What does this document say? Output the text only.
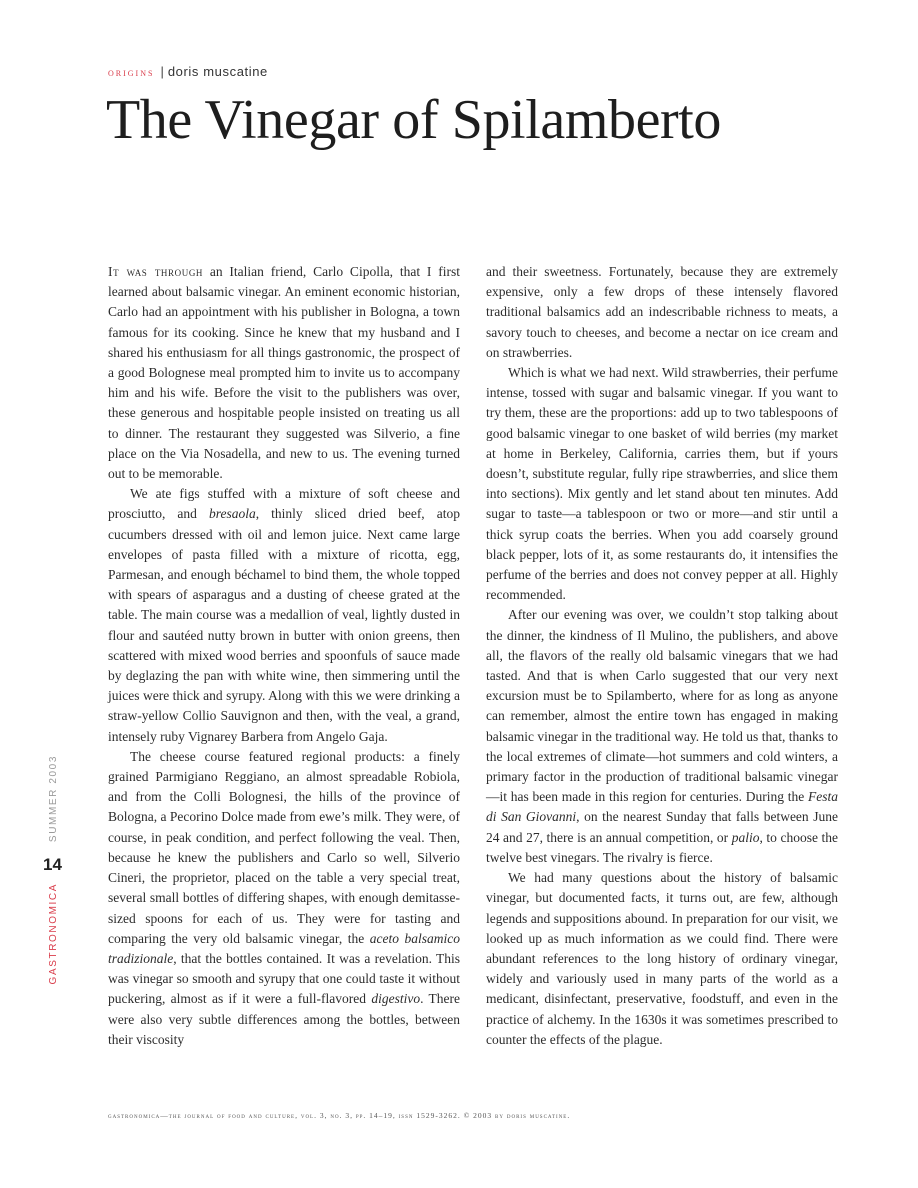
origins | doris muscatine
The Vinegar of Spilamberto
SUMMER 2003
14
GASTRONOMICA

It was through an Italian friend, Carlo Cipolla, that I first learned about balsamic vinegar. An eminent economic historian, Carlo had an appointment with his publisher in Bologna, a town famous for its cooking. Since he knew that my husband and I shared his enthusiasm for all things gastronomic, the prospect of a good Bolognese meal prompted him to invite us to accompany him and his wife. Before the visit to the publishers was over, these generous and hospitable people insisted on treating us all to dinner. The restaurant they suggested was Silverio, a fine place on the Via Nosadella, and new to us. The evening turned out to be memorable.

We ate figs stuffed with a mixture of soft cheese and prosciutto, and bresaola, thinly sliced dried beef, atop cucumbers dressed with oil and lemon juice. Next came large envelopes of pasta filled with a mixture of ricotta, egg, Parmesan, and enough béchamel to bind them, the whole topped with spears of asparagus and a dusting of cheese grated at the table. The main course was a medallion of veal, lightly dusted in flour and sautéed nutty brown in butter with onion greens, then scattered with mixed wood berries and spoonfuls of sauce made by deglazing the pan with white wine, then simmering until the juices were thick and syrupy. Along with this we were drinking a straw-yellow Collio Sauvignon and then, with the veal, a grand, intensely ruby Vignarey Barbera from Angelo Gaja.

The cheese course featured regional products: a finely grained Parmigiano Reggiano, an almost spreadable Robiola, and from the Colli Bolognesi, the hills of the province of Bologna, a Pecorino Dolce made from ewe’s milk. They were, of course, in peak condition, and perfect following the veal. Then, because he knew the publishers and Carlo so well, Silverio Cineri, the proprietor, placed on the table a very special treat, several small bottles of differing shapes, with enough demitasse-sized spoons for each of us. They were for tasting and comparing the very old balsamic vinegar, the aceto balsamico tradizionale, that the bottles contained. It was a revelation. This was vinegar so smooth and syrupy that one could taste it without puckering, almost as if it were a full-flavored digestivo. There were also very subtle differences among the bottles, between their viscosity

and their sweetness. Fortunately, because they are extremely expensive, only a few drops of these intensely flavored traditional balsamics add an indescribable richness to meats, a savory touch to cheeses, and become a nectar on ice cream and on strawberries.

Which is what we had next. Wild strawberries, their perfume intense, tossed with sugar and balsamic vinegar. If you want to try them, these are the proportions: add up to two tablespoons of good balsamic vinegar to one basket of wild berries (my market at home in Berkeley, California, carries them, but if yours doesn’t, substitute regular, fully ripe strawberries, and slice them into sections). Mix gently and let stand about ten minutes. Add sugar to taste—a tablespoon or two or more—and stir until a thick syrup coats the berries. When you add coarsely ground black pepper, lots of it, as some restaurants do, it intensifies the perfume of the berries and does not convey pepper at all. Highly recommended.

After our evening was over, we couldn’t stop talking about the dinner, the kindness of Il Mulino, the publishers, and above all, the flavors of the really old balsamic vinegars that we had tasted. And that is when Carlo suggested that our very next excursion must be to Spilamberto, where for as long as anyone can remember, almost the entire town has engaged in making balsamic vinegar in the traditional way. He told us that, thanks to the local extremes of climate—hot summers and cold winters, a primary factor in the production of traditional balsamic vinegar—it has been made in this region for centuries. During the Festa di San Giovanni, on the nearest Sunday that falls between June 24 and 27, there is an annual competition, or palio, to choose the twelve best vinegars. The rivalry is fierce.

We had many questions about the history of balsamic vinegar, but documented facts, it turns out, are few, although legends and suppositions abound. In preparation for our visit, we looked up as much information as we could find. There were abundant references to the long history of ordinary vinegar, widely and variously used in many parts of the world as a medicant, disinfectant, preservative, foodstuff, and even in the practice of alchemy. In the 1630s it was sometimes prescribed to counter the effects of the plague.

gastronomica—the journal of food and culture, vol. 3, no. 3, pp. 14–19, issn 1529-3262. © 2003 by doris muscatine.
